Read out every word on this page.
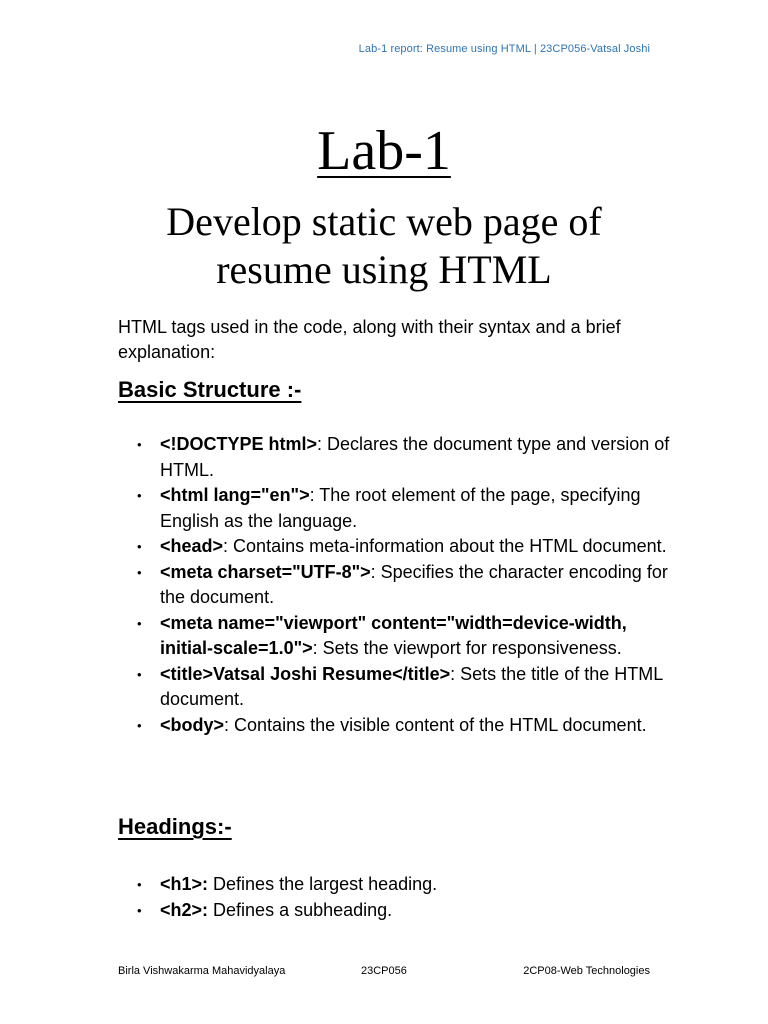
Lab-1 report: Resume using HTML | 23CP056-Vatsal Joshi
Lab-1
Develop static web page of
resume using HTML
HTML tags used in the code, along with their syntax and a brief explanation:
Basic Structure :-
• <!DOCTYPE html>: Declares the document type and version of HTML.
• <html lang="en">: The root element of the page, specifying English as the language.
• <head>: Contains meta-information about the HTML document.
• <meta charset="UTF-8">: Specifies the character encoding for the document.
• <meta name="viewport" content="width=device-width, initial-scale=1.0">: Sets the viewport for responsiveness.
• <title>Vatsal Joshi Resume</title>: Sets the title of the HTML document.
• <body>: Contains the visible content of the HTML document.
Headings:-
• <h1>: Defines the largest heading.
• <h2>: Defines a subheading.
Birla Vishwakarma Mahavidyalaya	23CP056	2CP08-Web Technologies
